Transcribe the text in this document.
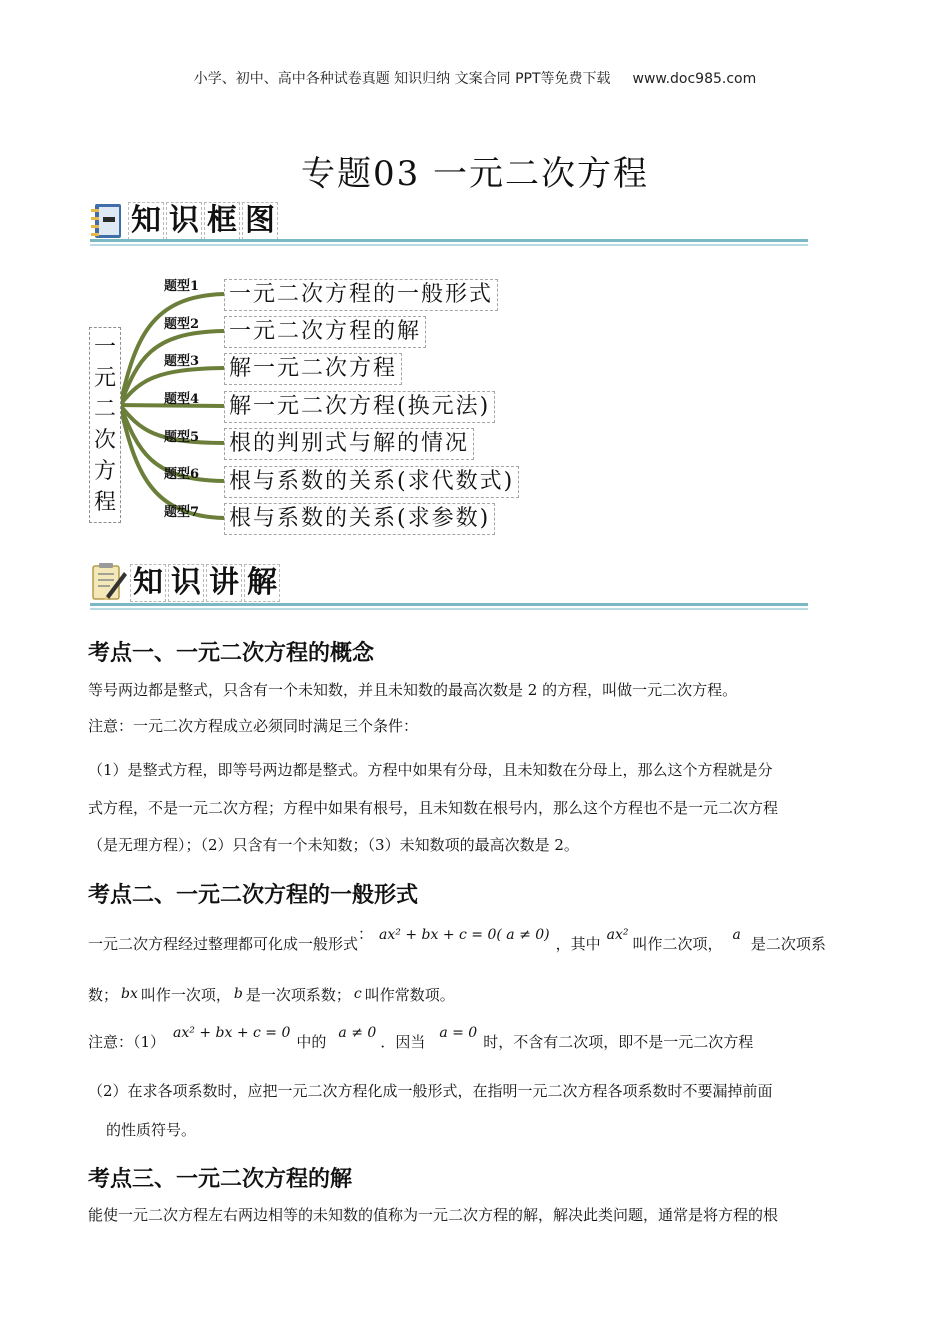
小学、初中、高中各种试卷真题 知识归纳 文案合同 PPT等免费下载 www.doc985.com
专题03 一元二次方程
知 识 框 图
一
元
二
次
方
程
题型1	一元二次方程的一般形式
题型2	一元二次方程的解
题型3	解一元二次方程
题型4	解一元二次方程(换元法)
题型5	根的判别式与解的情况
题型6	根与系数的关系(求代数式)
题型7	根与系数的关系(求参数)
知 识 讲 解
考点一、一元二次方程的概念
等号两边都是整式，只含有一个未知数，并且未知数的最高次数是 2 的方程，叫做一元二次方程。
注意：一元二次方程成立必须同时满足三个条件：
（1）是整式方程，即等号两边都是整式。方程中如果有分母，且未知数在分母上，那么这个方程就是分
式方程，不是一元二次方程；方程中如果有根号，且未知数在根号内，那么这个方程也不是一元二次方程
（是无理方程）；（2）只含有一个未知数；（3）未知数项的最高次数是 2。
考点二、一元二次方程的一般形式
一元二次方程经过整理都可化成一般形式： ax² + bx + c = 0( a ≠ 0) ，其中 ax² 叫作二次项， a 是二次项系
数； bx 叫作一次项， b 是一次项系数； c 叫作常数项。
注意：（1） ax² + bx + c = 0 中的 a ≠ 0 ．因当 a = 0 时，不含有二次项，即不是一元二次方程
（2）在求各项系数时，应把一元二次方程化成一般形式，在指明一元二次方程各项系数时不要漏掉前面
的性质符号。
考点三、一元二次方程的解
能使一元二次方程左右两边相等的未知数的值称为一元二次方程的解，解决此类问题，通常是将方程的根
